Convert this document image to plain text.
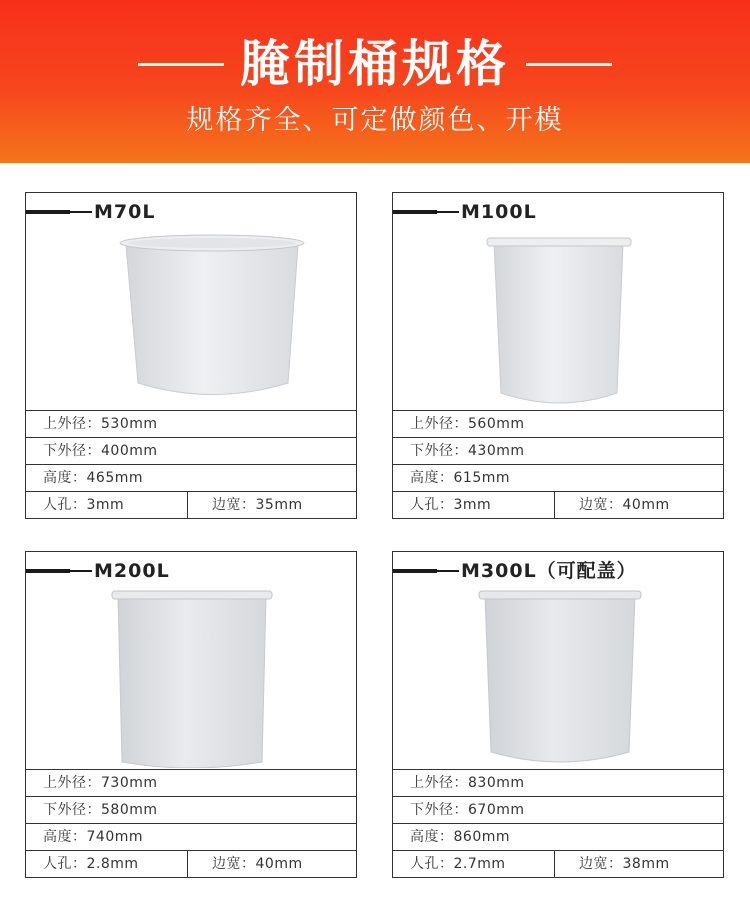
腌制桶规格
规格齐全、可定做颜色、开模
M70L
上外径：530mm
下外径：400mm
高度：465mm
人孔：3mm	边宽：35mm
M100L
上外径：560mm
下外径：430mm
高度：615mm
人孔：3mm	边宽：40mm
M200L
上外径：730mm
下外径：580mm
高度：740mm
人孔：2.8mm	边宽：40mm
M300L（可配盖）
上外径：830mm
下外径：670mm
高度：860mm
人孔：2.7mm	边宽：38mm
